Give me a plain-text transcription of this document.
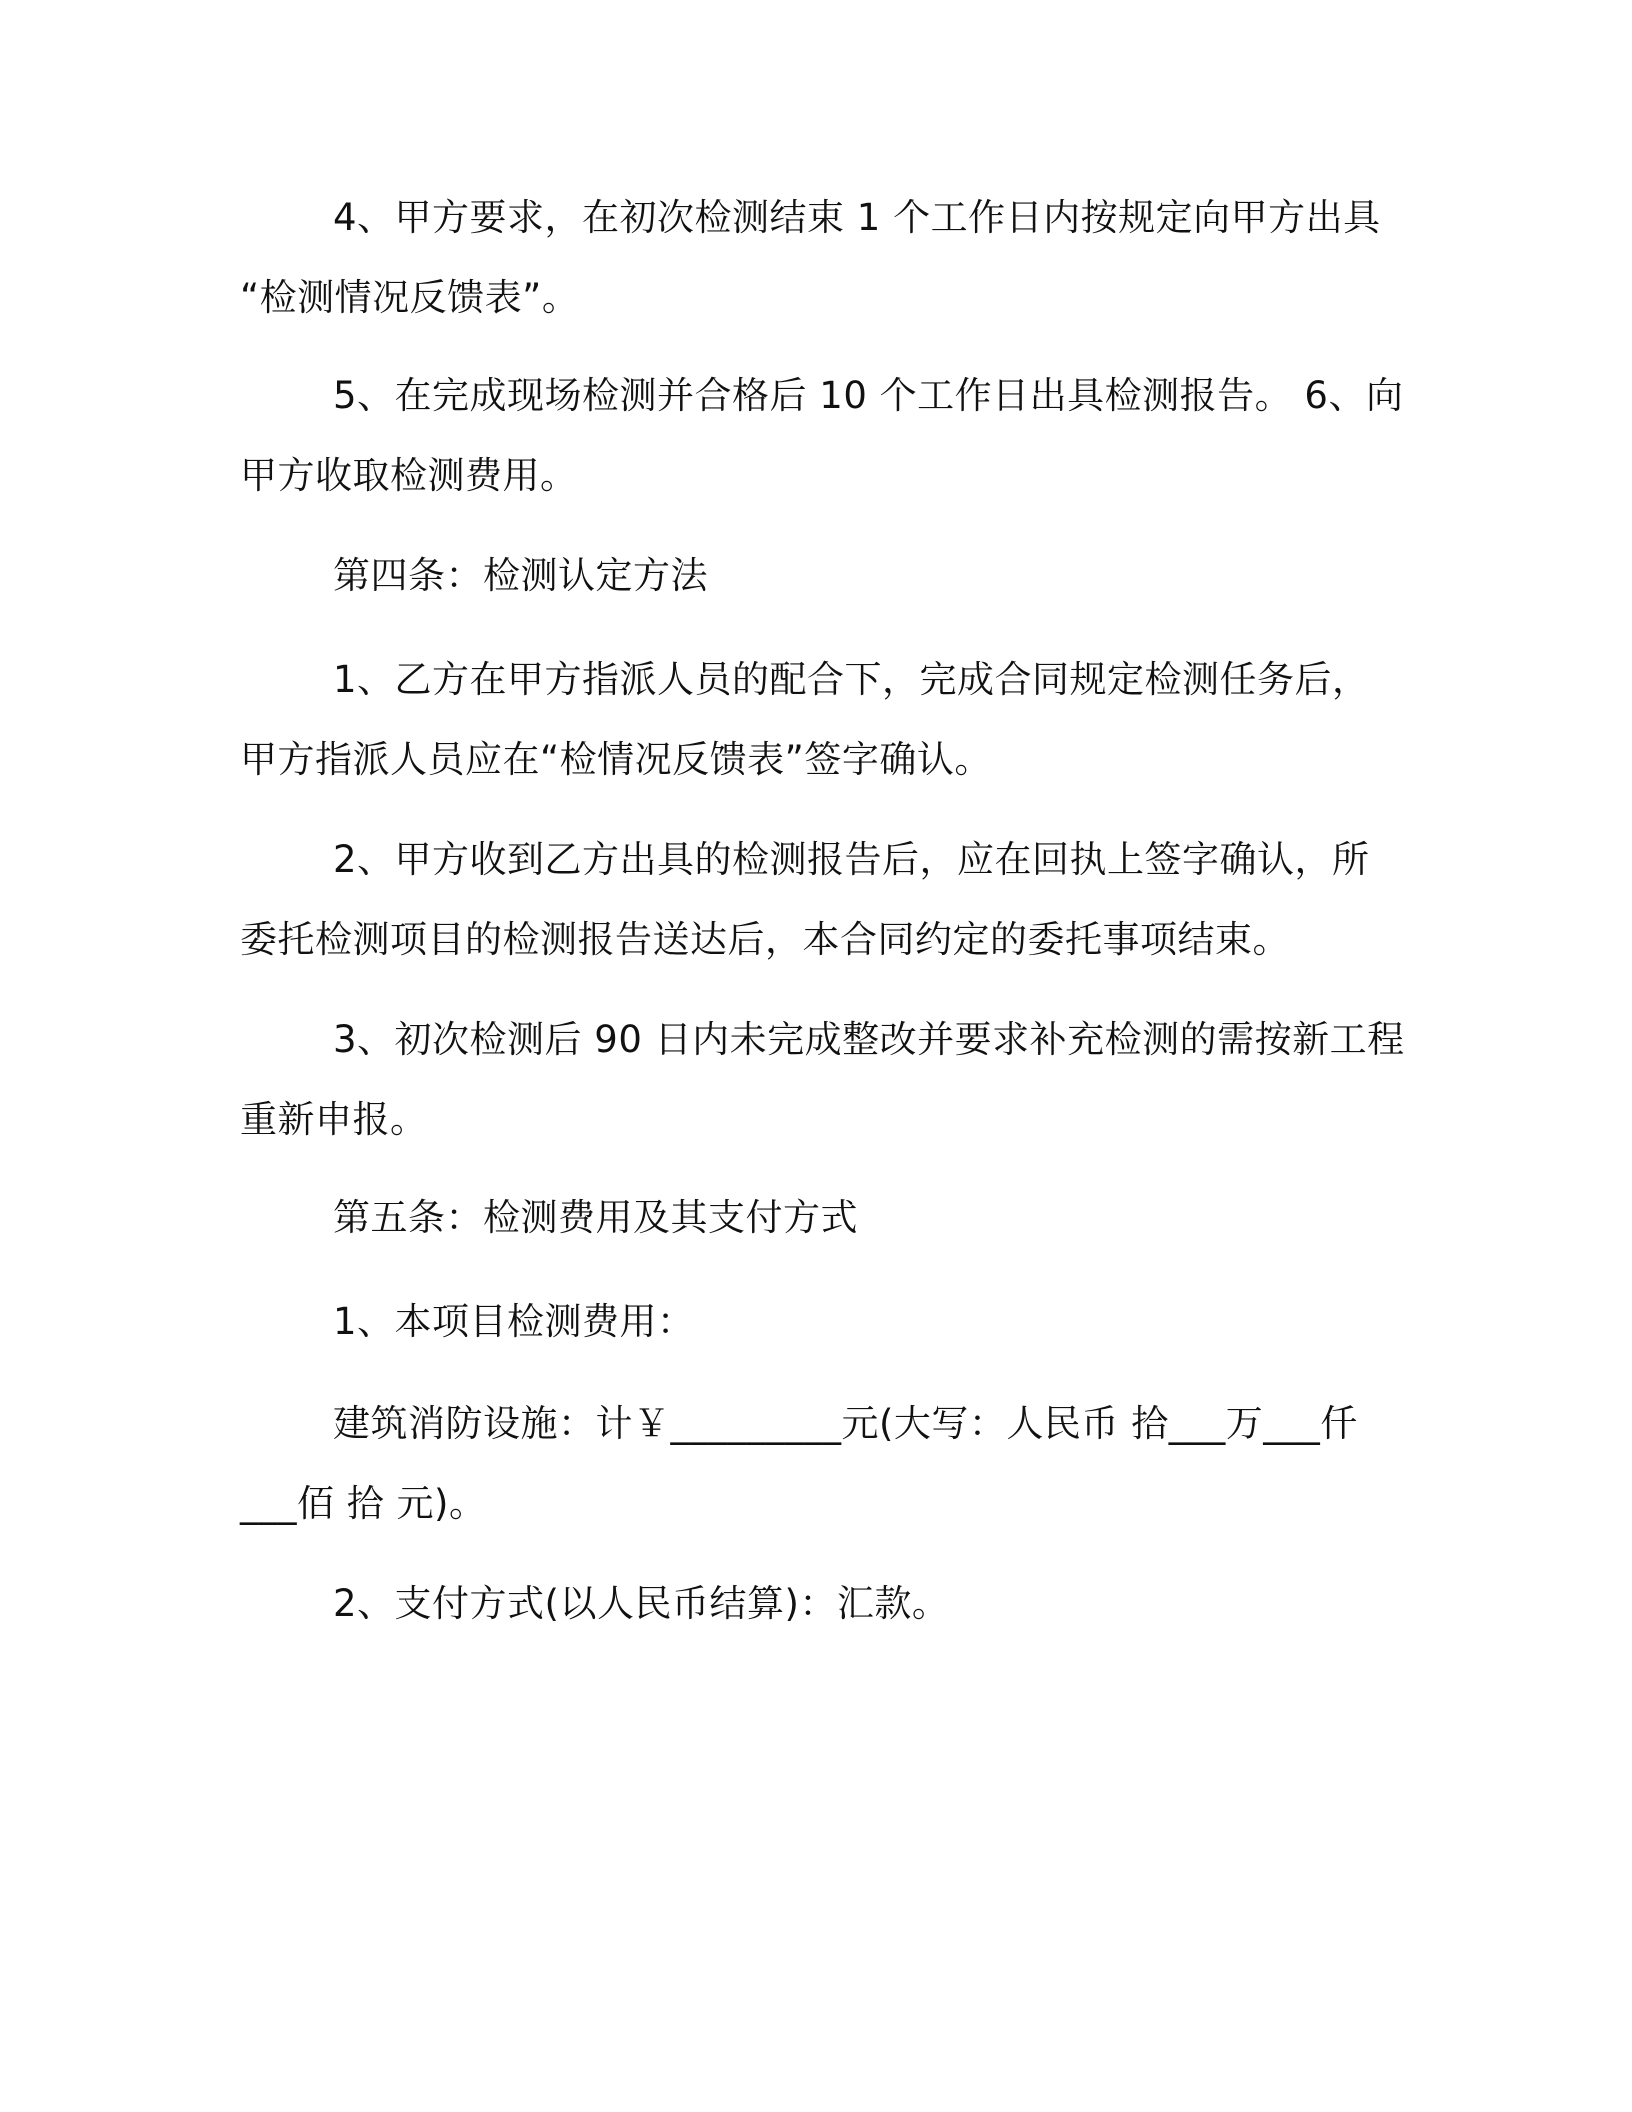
4、甲方要求，在初次检测结束 1 个工作日内按规定向甲方出具
“检测情况反馈表”。

5、在完成现场检测并合格后 10 个工作日出具检测报告。 6、向
甲方收取检测费用。

第四条：检测认定方法

1、乙方在甲方指派人员的配合下，完成合同规定检测任务后，
甲方指派人员应在“检情况反馈表”签字确认。

2、甲方收到乙方出具的检测报告后，应在回执上签字确认，所
委托检测项目的检测报告送达后，本合同约定的委托事项结束。

3、初次检测后 90 日内未完成整改并要求补充检测的需按新工程
重新申报。

第五条：检测费用及其支付方式

1、本项目检测费用：

建筑消防设施：计￥_________元(大写：人民币 拾___万___仟
___佰 拾 元)。

2、支付方式(以人民币结算)：汇款。
